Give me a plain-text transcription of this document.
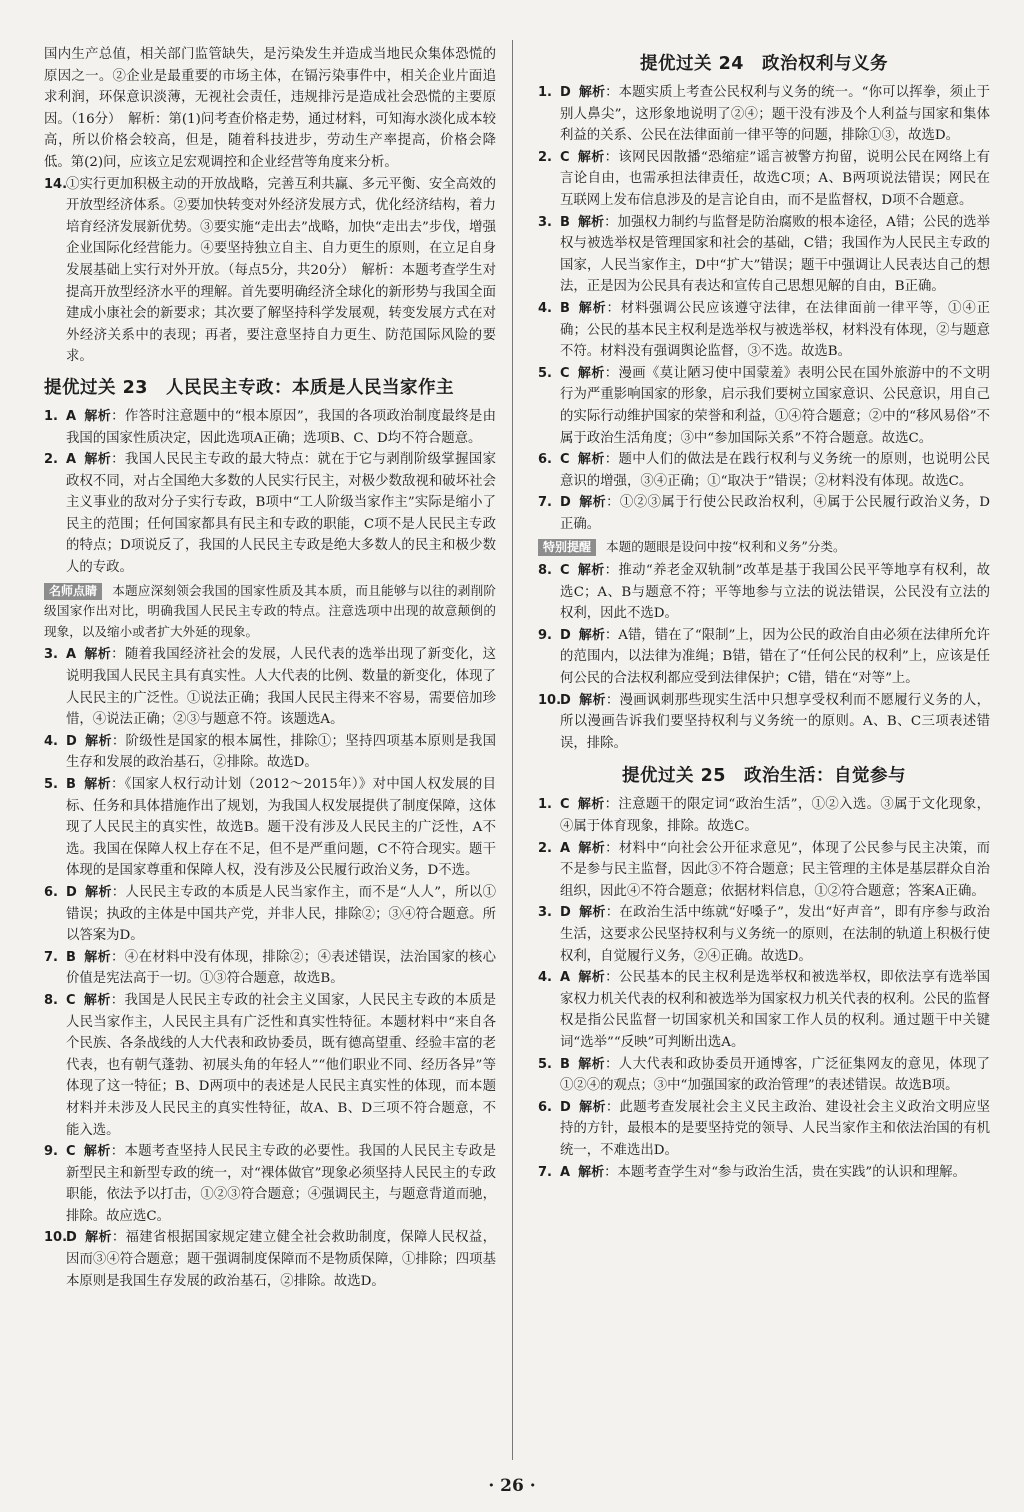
国内生产总值，相关部门监管缺失，是污染发生并造成当地民众集体恐慌的原因之一。②企业是最重要的市场主体，在镉污染事件中，相关企业片面追求利润，环保意识淡薄，无视社会责任，违规排污是造成社会恐慌的主要原因。（16分）　解析：第(1)问考查价格走势，通过材料，可知海水淡化成本较高，所以价格会较高，但是，随着科技进步，劳动生产率提高，价格会降低。第(2)问，应该立足宏观调控和企业经营等角度来分析。

14.
①实行更加积极主动的开放战略，完善互利共赢、多元平衡、安全高效的开放型经济体系。②要加快转变对外经济发展方式，优化经济结构，着力培育经济发展新优势。③要实施“走出去”战略，加快“走出去”步伐，增强企业国际化经营能力。④要坚持独立自主、自力更生的原则，在立足自身发展基础上实行对外开放。（每点5分，共20分）　解析：本题考查学生对提高开放型经济水平的理解。首先要明确经济全球化的新形势与我国全面建成小康社会的新要求；其次要了解坚持科学发展观，转变发展方式在对外经济关系中的表现；再者，要注意坚持自力更生、防范国际风险的要求。
提优过关 23　人民民主专政：本质是人民当家作主
1. A 解析：作答时注意题中的“根本原因”，我国的各项政治制度最终是由我国的国家性质决定，因此选项A正确；选项B、C、D均不符合题意。
2. A 解析：我国人民民主专政的最大特点：就在于它与剥削阶级掌握国家政权不同，对占全国绝大多数的人民实行民主，对极少数敌视和破坏社会主义事业的敌对分子实行专政，B项中“工人阶级当家作主”实际是缩小了民主的范围；任何国家都具有民主和专政的职能，C项不是人民民主专政的特点；D项说反了，我国的人民民主专政是绝大多数人的民主和极少数人的专政。
名师点睛 本题应深刻领会我国的国家性质及其本质，而且能够与以往的剥削阶级国家作出对比，明确我国人民民主专政的特点。注意选项中出现的故意颠倒的现象，以及缩小或者扩大外延的现象。
3. A 解析：随着我国经济社会的发展，人民代表的选举出现了新变化，这说明我国人民民主具有真实性。人大代表的比例、数量的新变化，体现了人民民主的广泛性。①说法正确；我国人民民主得来不容易，需要倍加珍惜，④说法正确；②③与题意不符。该题选A。
4. D 解析：阶级性是国家的根本属性，排除①；坚持四项基本原则是我国生存和发展的政治基石，②排除。故选D。
5. B 解析：《国家人权行动计划（2012～2015年）》对中国人权发展的目标、任务和具体措施作出了规划，为我国人权发展提供了制度保障，这体现了人民民主的真实性，故选B。题干没有涉及人民民主的广泛性，A不选。我国在保障人权上存在不足，但不是严重问题，C不符合现实。题干体现的是国家尊重和保障人权，没有涉及公民履行政治义务，D不选。
6. D 解析：人民民主专政的本质是人民当家作主，而不是“人人”，所以①错误；执政的主体是中国共产党，并非人民，排除②；③④符合题意。所以答案为D。
7. B 解析：④在材料中没有体现，排除②；④表述错误，法治国家的核心价值是宪法高于一切。①③符合题意，故选B。
8. C 解析：我国是人民民主专政的社会主义国家，人民民主专政的本质是人民当家作主，人民民主具有广泛性和真实性特征。本题材料中“来自各个民族、各条战线的人大代表和政协委员，既有德高望重、经验丰富的老代表，也有朝气蓬勃、初展头角的年轻人”“他们职业不同、经历各异”等体现了这一特征；B、D两项中的表述是人民民主真实性的体现，而本题材料并未涉及人民民主的真实性特征，故A、B、D三项不符合题意，不能入选。
9. C 解析：本题考查坚持人民民主专政的必要性。我国的人民民主专政是新型民主和新型专政的统一，对“裸体做官”现象必须坚持人民民主的专政职能，依法予以打击，①②③符合题意；④强调民主，与题意背道而驰，排除。故应选C。
10.
D 解析：福建省根据国家规定建立健全社会救助制度，保障人民权益，因而③④符合题意；题干强调制度保障而不是物质保障，①排除；四项基本原则是我国生存发展的政治基石，②排除。故选D。
提优过关 24　政治权利与义务
1. D 解析：本题实质上考查公民权利与义务的统一。“你可以挥拳，须止于别人鼻尖”，这形象地说明了②④；题干没有涉及个人利益与国家和集体利益的关系、公民在法律面前一律平等的问题，排除①③，故选D。
2. C 解析：该网民因散播“恐缩症”谣言被警方拘留，说明公民在网络上有言论自由，也需承担法律责任，故选C项；A、B两项说法错误；网民在互联网上发布信息涉及的是言论自由，而不是监督权，D项不合题意。
3. B 解析：加强权力制约与监督是防治腐败的根本途径，A错；公民的选举权与被选举权是管理国家和社会的基础，C错；我国作为人民民主专政的国家，人民当家作主，D中“扩大”错误；题干中强调让人民表达自己的想法，正是因为公民具有表达和宣传自己思想见解的自由，B正确。
4. B 解析：材料强调公民应该遵守法律，在法律面前一律平等，①④正确；公民的基本民主权利是选举权与被选举权，材料没有体现，②与题意不符。材料没有强调舆论监督，③不选。故选B。
5. C 解析：漫画《莫让陋习使中国蒙羞》表明公民在国外旅游中的不文明行为严重影响国家的形象，启示我们要树立国家意识、公民意识，用自己的实际行动维护国家的荣誉和利益，①④符合题意；②中的“移风易俗”不属于政治生活角度；③中“参加国际关系”不符合题意。故选C。
6. C 解析：题中人们的做法是在践行权利与义务统一的原则，也说明公民意识的增强，③④正确；①“取决于”错误；②材料没有体现。故选C。
7. D 解析：①②③属于行使公民政治权利，④属于公民履行政治义务，D正确。
特别提醒 本题的题眼是设问中按“权利和义务”分类。
8. C 解析：推动“养老金双轨制”改革是基于我国公民平等地享有权利，故选C；A、B与题意不符；平等地参与立法的说法错误，公民没有立法的权利，因此不选D。
9. D 解析：A错，错在了“限制”上，因为公民的政治自由必须在法律所允许的范围内，以法律为准绳；B错，错在了“任何公民的权利”上，应该是任何公民的合法权利都应受到法律保护；C错，错在“对等”上。
10.
D 解析：漫画讽刺那些现实生活中只想享受权利而不愿履行义务的人，所以漫画告诉我们要坚持权利与义务统一的原则。A、B、C三项表述错误，排除。
提优过关 25　政治生活：自觉参与
1. C 解析：注意题干的限定词“政治生活”，①②入选。③属于文化现象，④属于体育现象，排除。故选C。
2. A 解析：材料中“向社会公开征求意见”，体现了公民参与民主决策，而不是参与民主监督，因此③不符合题意；民主管理的主体是基层群众自治组织，因此④不符合题意；依据材料信息，①②符合题意；答案A正确。
3. D 解析：在政治生活中练就“好嗓子”，发出“好声音”，即有序参与政治生活，这要求公民坚持权利与义务统一的原则，在法制的轨道上积极行使权利，自觉履行义务，②④正确。故选D。
4. A 解析：公民基本的民主权利是选举权和被选举权，即依法享有选举国家权力机关代表的权利和被选举为国家权力机关代表的权利。公民的监督权是指公民监督一切国家机关和国家工作人员的权利。通过题干中关键词“选举”“反映”可判断出选A。
5. B 解析：人大代表和政协委员开通博客，广泛征集网友的意见，体现了①②④的观点；③中“加强国家的政治管理”的表述错误。故选B项。
6. D 解析：此题考查发展社会主义民主政治、建设社会主义政治文明应坚持的方针，最根本的是要坚持党的领导、人民当家作主和依法治国的有机统一，不难选出D。
7. A 解析：本题考查学生对“参与政治生活，贵在实践”的认识和理解。
· 26 ·
